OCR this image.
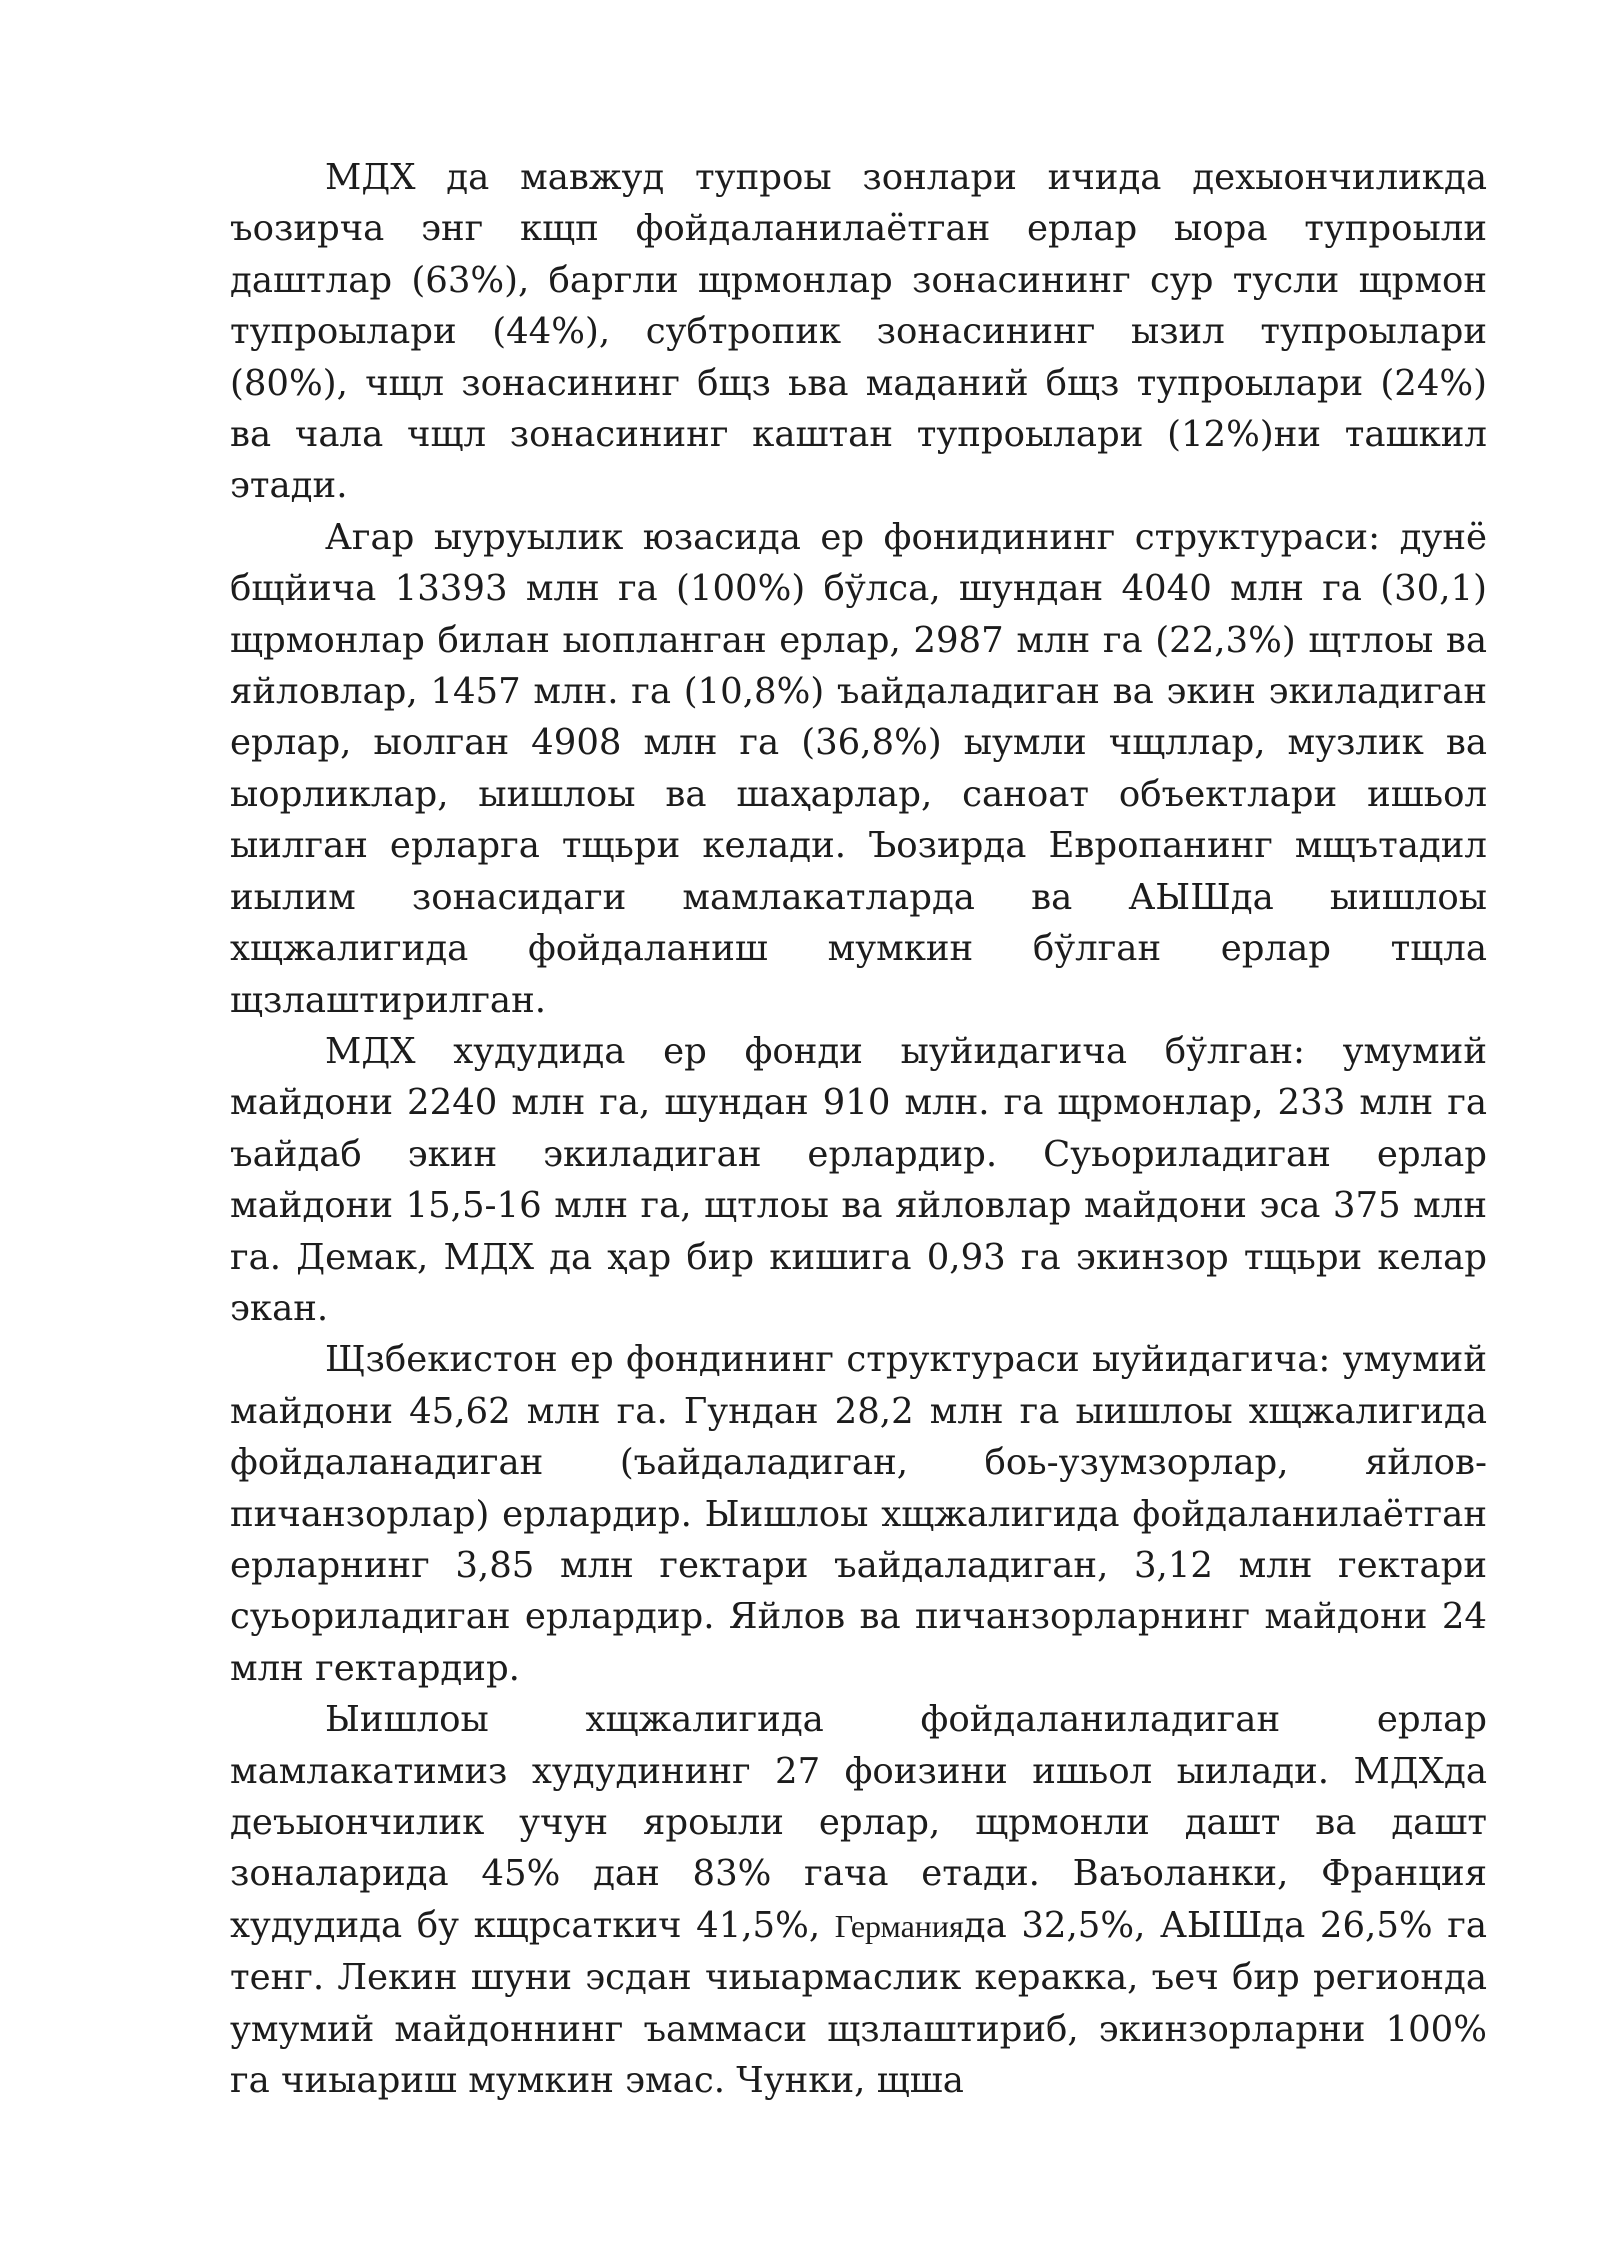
МДХ да мавжуд тупроы зонлари ичида дехыончиликда ъозирча энг кщп фойдаланилаётган ерлар ыора тупроыли даштлар (63%), баргли щрмонлар зонасининг сур тусли щрмон тупроылари (44%), субтропик зонасининг ызил тупроылари (80%), чщл зонасининг бщз ьва маданий бщз тупроылари (24%) ва чала чщл зонасининг каштан тупроылари (12%)ни ташкил этади.

Агар ыуруылик юзасида ер фонидининг структураси: дунё бщйича 13393 млн га (100%) бўлса, шундан 4040 млн га (30,1) щрмонлар билан ыопланган ерлар, 2987 млн га (22,3%) щтлоы ва яйловлар, 1457 млн. га (10,8%) ъайдаладиган ва экин экиладиган ерлар, ыолган 4908 млн га (36,8%) ыумли чщллар, музлик ва ыорликлар, ыишлоы ва шаҳарлар, саноат объектлари ишьол ыилган ерларга тщьри келади. Ъозирда Европанинг мщътадил иылим зонасидаги мамлакатларда ва АЫШда ыишлоы хщжалигида фойдаланиш мумкин бўлган ерлар тщла щзлаштирилган.

МДХ худудида ер фонди ыуйидагича бўлган: умумий майдони 2240 млн га, шундан 910 млн. га щрмонлар, 233 млн га ъайдаб экин экиладиган ерлардир. Суьориладиган ерлар майдони 15,5-16 млн га, щтлоы ва яйловлар майдони эса 375 млн га. Демак, МДХ да ҳар бир кишига 0,93 га экинзор тщьри келар экан.

Щзбекистон ер фондининг структураси ыуйидагича: умумий майдони 45,62 млн га. Гундан 28,2 млн га ыишлоы хщжалигида фойдаланадиган (ъайдаладиган, боь-узумзорлар, яйлов-пичанзорлар) ерлардир. Ыишлоы хщжалигида фойдаланилаётган ерларнинг 3,85 млн гектари ъайдаладиган, 3,12 млн гектари суьориладиган ерлардир. Яйлов ва пичанзорларнинг майдони 24 млн гектардир.

Ыишлоы хщжалигида фойдаланиладиган ерлар мамлакатимиз худудининг 27 фоизини ишьол ыилади. МДХда деъыончилик учун яроыли ерлар, щрмонли дашт ва дашт зоналарида 45% дан 83% гача етади. Ваъоланки, Франция худудида бу кщрсаткич 41,5%, Германияда 32,5%, АЫШда 26,5% га тенг. Лекин шуни эсдан чиыармаслик керакка, ъеч бир регионда умумий майдоннинг ъаммаси щзлаштириб, экинзорларни 100% га чиыариш мумкин эмас. Чунки, щша
